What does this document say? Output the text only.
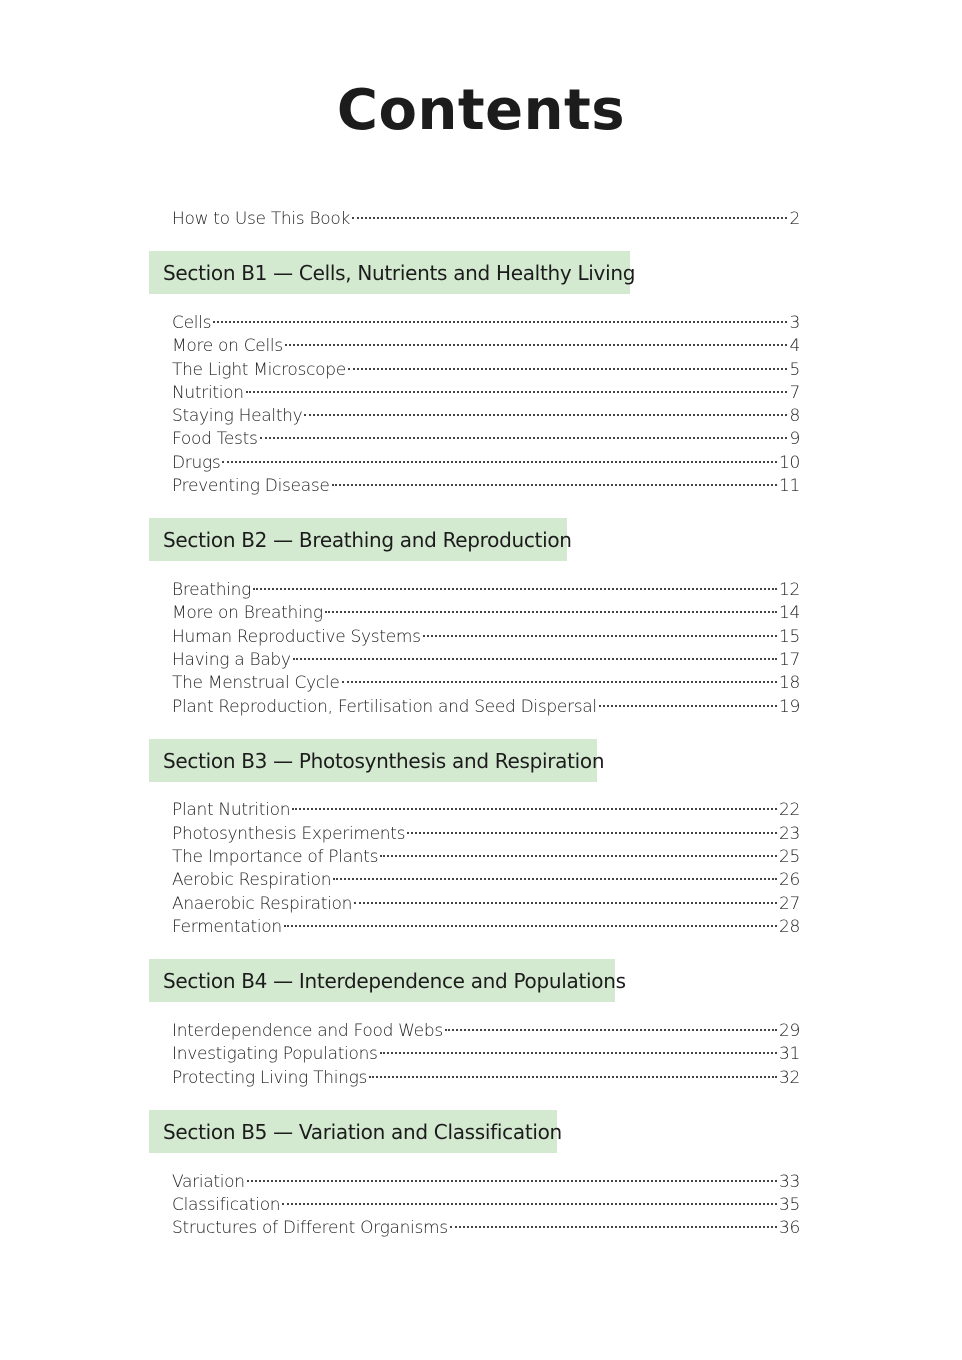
Contents
How to Use This Book	2
Section B1 — Cells, Nutrients and Healthy Living
Cells	3
More on Cells	4
The Light Microscope	5
Nutrition	7
Staying Healthy	8
Food Tests	9
Drugs	10
Preventing Disease	11
Section B2 — Breathing and Reproduction
Breathing	12
More on Breathing	14
Human Reproductive Systems	15
Having a Baby	17
The Menstrual Cycle	18
Plant Reproduction, Fertilisation and Seed Dispersal	19
Section B3 — Photosynthesis and Respiration
Plant Nutrition	22
Photosynthesis Experiments	23
The Importance of Plants	25
Aerobic Respiration	26
Anaerobic Respiration	27
Fermentation	28
Section B4 — Interdependence and Populations
Interdependence and Food Webs	29
Investigating Populations	31
Protecting Living Things	32
Section B5 — Variation and Classification
Variation	33
Classification	35
Structures of Different Organisms	36
